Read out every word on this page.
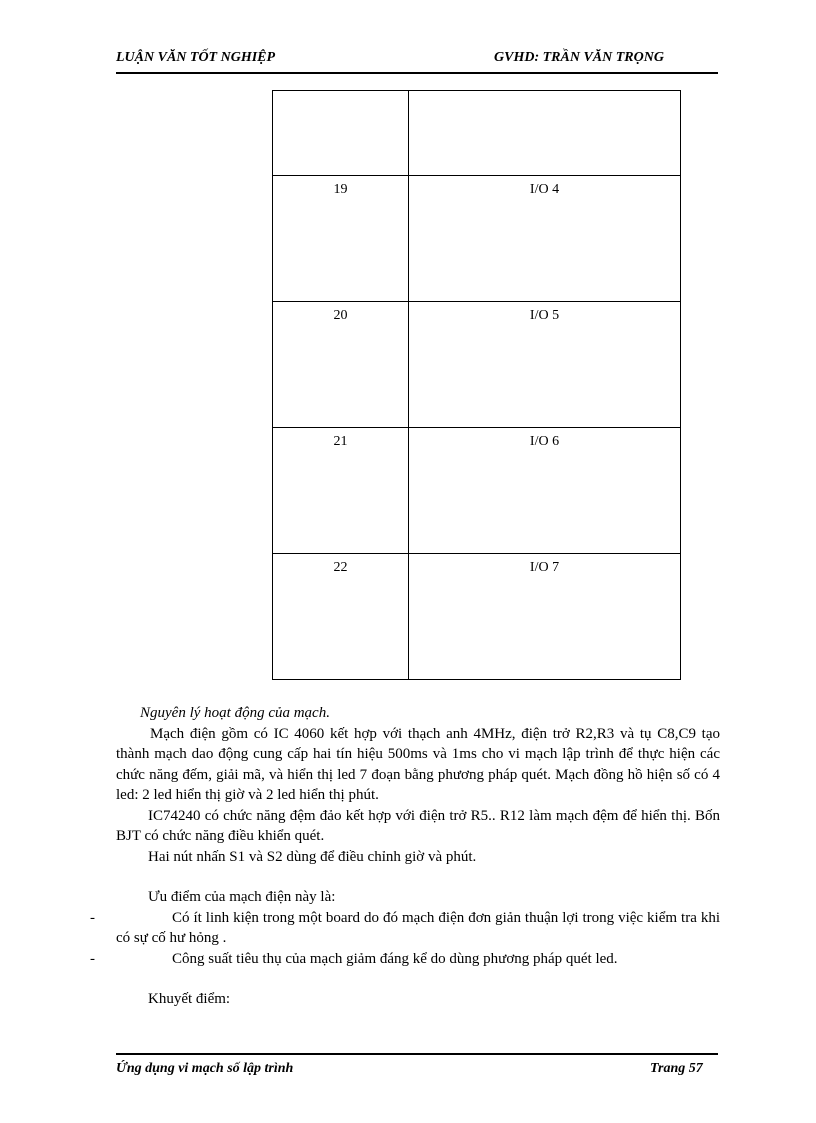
LUẬN VĂN TỐT NGHIỆP	GVHD: TRẦN VĂN TRỌNG

19	I/O 4
20	I/O 5
21	I/O 6
22	I/O 7

Nguyên lý hoạt động của mạch.

Mạch điện gồm có IC 4060 kết hợp với thạch anh 4MHz, điện trở R2,R3 và tụ C8,C9 tạo thành mạch dao động cung cấp hai tín hiệu 500ms và 1ms cho vi mạch lập trình để thực hiện các chức năng đếm, giải mã, và hiển thị led 7 đoạn bằng phương pháp quét. Mạch đồng hồ hiện số có 4 led: 2 led hiển thị giờ và 2 led hiển thị phút.

IC74240 có chức năng đệm đảo kết hợp với điện trở R5.. R12 làm mạch đệm để hiển thị. Bốn BJT có chức năng điều khiển quét.

Hai nút nhấn S1 và S2 dùng để điều chỉnh giờ và phút.

Ưu điểm của mạch điện này là:

-	Có ít linh kiện trong một board do đó mạch điện đơn giản thuận lợi trong việc kiểm tra khi có sự cố hư hỏng .

-	Công suất tiêu thụ của mạch giảm đáng kể do dùng phương pháp quét led.

Khuyết điểm:

Ứng dụng vi mạch số lập trình	Trang 57
